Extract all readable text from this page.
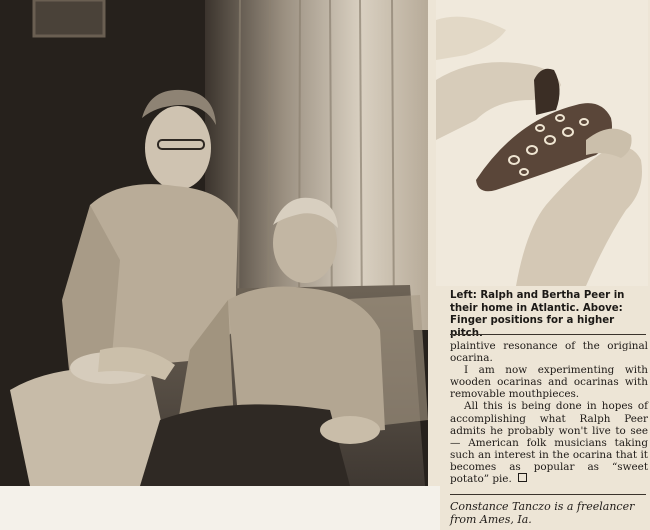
Left: Ralph and Bertha Peer in their home in Atlantic. Above: Finger positions for a higher

plaintive resonance of the original ocarina.

I am now experimenting with wooden ocarinas and ocarinas with removable mouthpieces.

All this is being done in hopes of accomplishing what Ralph Peer admits he probably won't live to see — American folk musicians taking such an interest in the ocarina that it becomes as popular as “sweet potato” pie.

Constance Tanczo is a freelancer from Ames, Ia.
